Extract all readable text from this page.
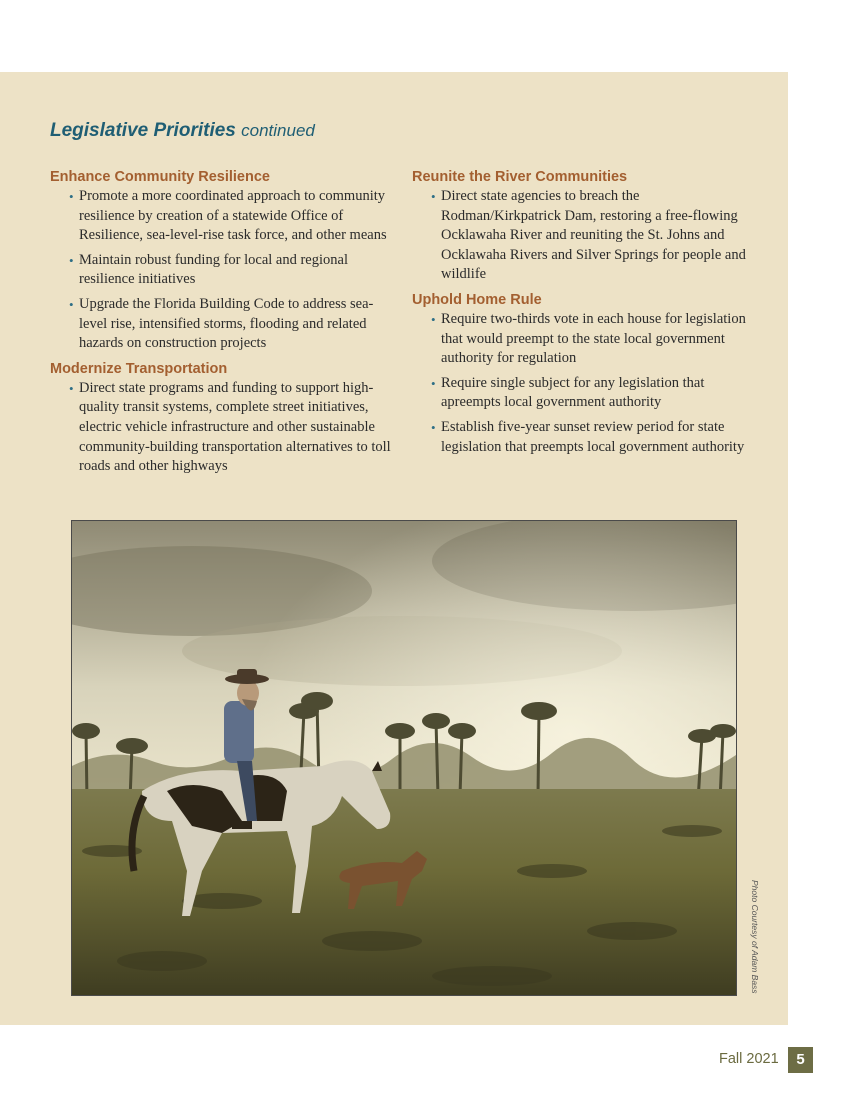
Legislative Priorities continued
Enhance Community Resilience
• Promote a more coordinated approach to community resilience by creation of a statewide Office of Resilience, sea-level-rise task force, and other means
• Maintain robust funding for local and regional resilience initiatives
• Upgrade the Florida Building Code to address sea-level rise, intensified storms, flooding and related hazards on construction projects
Modernize Transportation
• Direct state programs and funding to support high-quality transit systems, complete street initiatives, electric vehicle infrastructure and other sustainable community-building transportation alternatives to toll roads and other highways
Reunite the River Communities
• Direct state agencies to breach the Rodman/Kirkpatrick Dam, restoring a free-flowing Ocklawaha River and reuniting the St. Johns and Ocklawaha Rivers and Silver Springs for people and wildlife
Uphold Home Rule
• Require two-thirds vote in each house for legislation that would preempt to the state local government authority for regulation
• Require single subject for any legislation that apreempts local government authority
• Establish five-year sunset review period for state legislation that preempts local government authority
Photo Courtesy of Adam Bass
Fall 2021	5
